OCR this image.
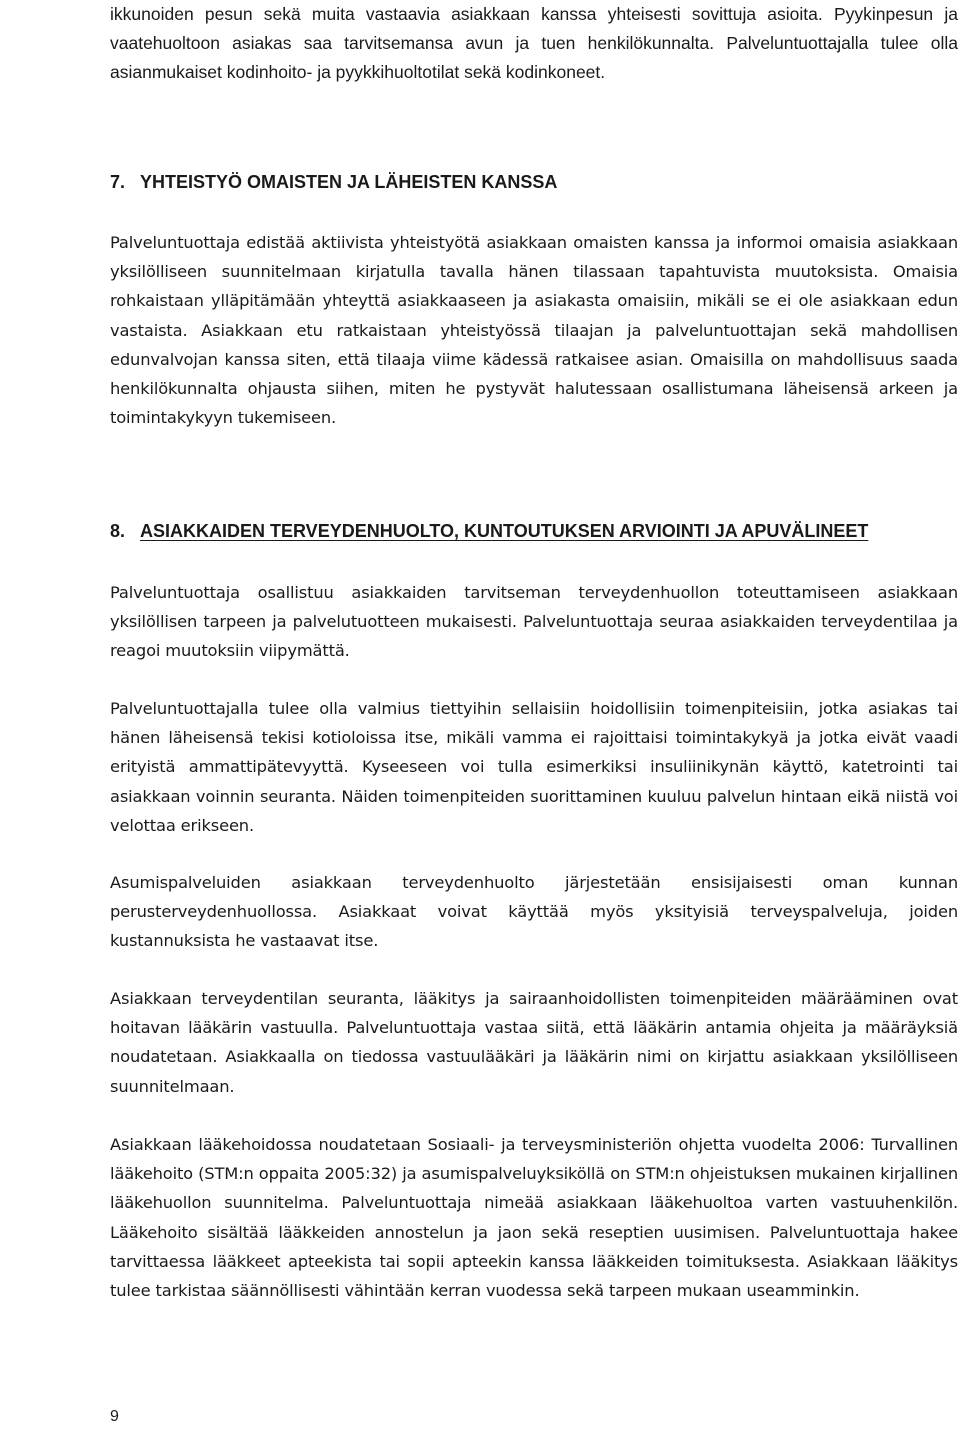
ikkunoiden pesun sekä muita vastaavia asiakkaan kanssa yhteisesti sovittuja asioita. Pyykinpesun ja vaatehuoltoon asiakas saa tarvitsemansa avun ja tuen henkilökunnalta. Palveluntuottajalla tulee olla asianmukaiset kodinhoito- ja pyykkihuoltotilat sekä kodinkoneet.

7. YHTEISTYÖ OMAISTEN JA LÄHEISTEN KANSSA

Palveluntuottaja edistää aktiivista yhteistyötä asiakkaan omaisten kanssa ja informoi omaisia asiakkaan yksilölliseen suunnitelmaan kirjatulla tavalla hänen tilassaan tapahtuvista muutoksista. Omaisia rohkaistaan ylläpitämään yhteyttä asiakkaaseen ja asiakasta omaisiin, mikäli se ei ole asiakkaan edun vastaista. Asiakkaan etu ratkaistaan yhteistyössä tilaajan ja palveluntuottajan sekä mahdollisen edunvalvojan kanssa siten, että tilaaja viime kädessä ratkaisee asian. Omaisilla on mahdollisuus saada henkilökunnalta ohjausta siihen, miten he pystyvät halutessaan osallistumana läheisensä arkeen ja toimintakykyyn tukemiseen.

8. ASIAKKAIDEN TERVEYDENHUOLTO, KUNTOUTUKSEN ARVIOINTI JA APUVÄLINEET

Palveluntuottaja osallistuu asiakkaiden tarvitseman terveydenhuollon toteuttamiseen asiakkaan yksilöllisen tarpeen ja palvelutuotteen mukaisesti. Palveluntuottaja seuraa asiakkaiden terveydentilaa ja reagoi muutoksiin viipymättä.

Palveluntuottajalla tulee olla valmius tiettyihin sellaisiin hoidollisiin toimenpiteisiin, jotka asiakas tai hänen läheisensä tekisi kotioloissa itse, mikäli vamma ei rajoittaisi toimintakykyä ja jotka eivät vaadi erityistä ammattipätevyyttä. Kyseeseen voi tulla esimerkiksi insuliinikynän käyttö, katetrointi tai asiakkaan voinnin seuranta. Näiden toimenpiteiden suorittaminen kuuluu palvelun hintaan eikä niistä voi velottaa erikseen.

Asumispalveluiden asiakkaan terveydenhuolto järjestetään ensisijaisesti oman kunnan perusterveydenhuollossa. Asiakkaat voivat käyttää myös yksityisiä terveyspalveluja, joiden kustannuksista he vastaavat itse.

Asiakkaan terveydentilan seuranta, lääkitys ja sairaanhoidollisten toimenpiteiden määrääminen ovat hoitavan lääkärin vastuulla. Palveluntuottaja vastaa siitä, että lääkärin antamia ohjeita ja määräyksiä noudatetaan. Asiakkaalla on tiedossa vastuulääkäri ja lääkärin nimi on kirjattu asiakkaan yksilölliseen suunnitelmaan.

Asiakkaan lääkehoidossa noudatetaan Sosiaali- ja terveysministeriön ohjetta vuodelta 2006: Turvallinen lääkehoito (STM:n oppaita 2005:32) ja asumispalveluyksiköllä on STM:n ohjeistuksen mukainen kirjallinen lääkehuollon suunnitelma. Palveluntuottaja nimeää asiakkaan lääkehuoltoa varten vastuuhenkilön. Lääkehoito sisältää lääkkeiden annostelun ja jaon sekä reseptien uusimisen. Palveluntuottaja hakee tarvittaessa lääkkeet apteekista tai sopii apteekin kanssa lääkkeiden toimituksesta. Asiakkaan lääkitys tulee tarkistaa säännöllisesti vähintään kerran vuodessa sekä tarpeen mukaan useamminkin.

9
